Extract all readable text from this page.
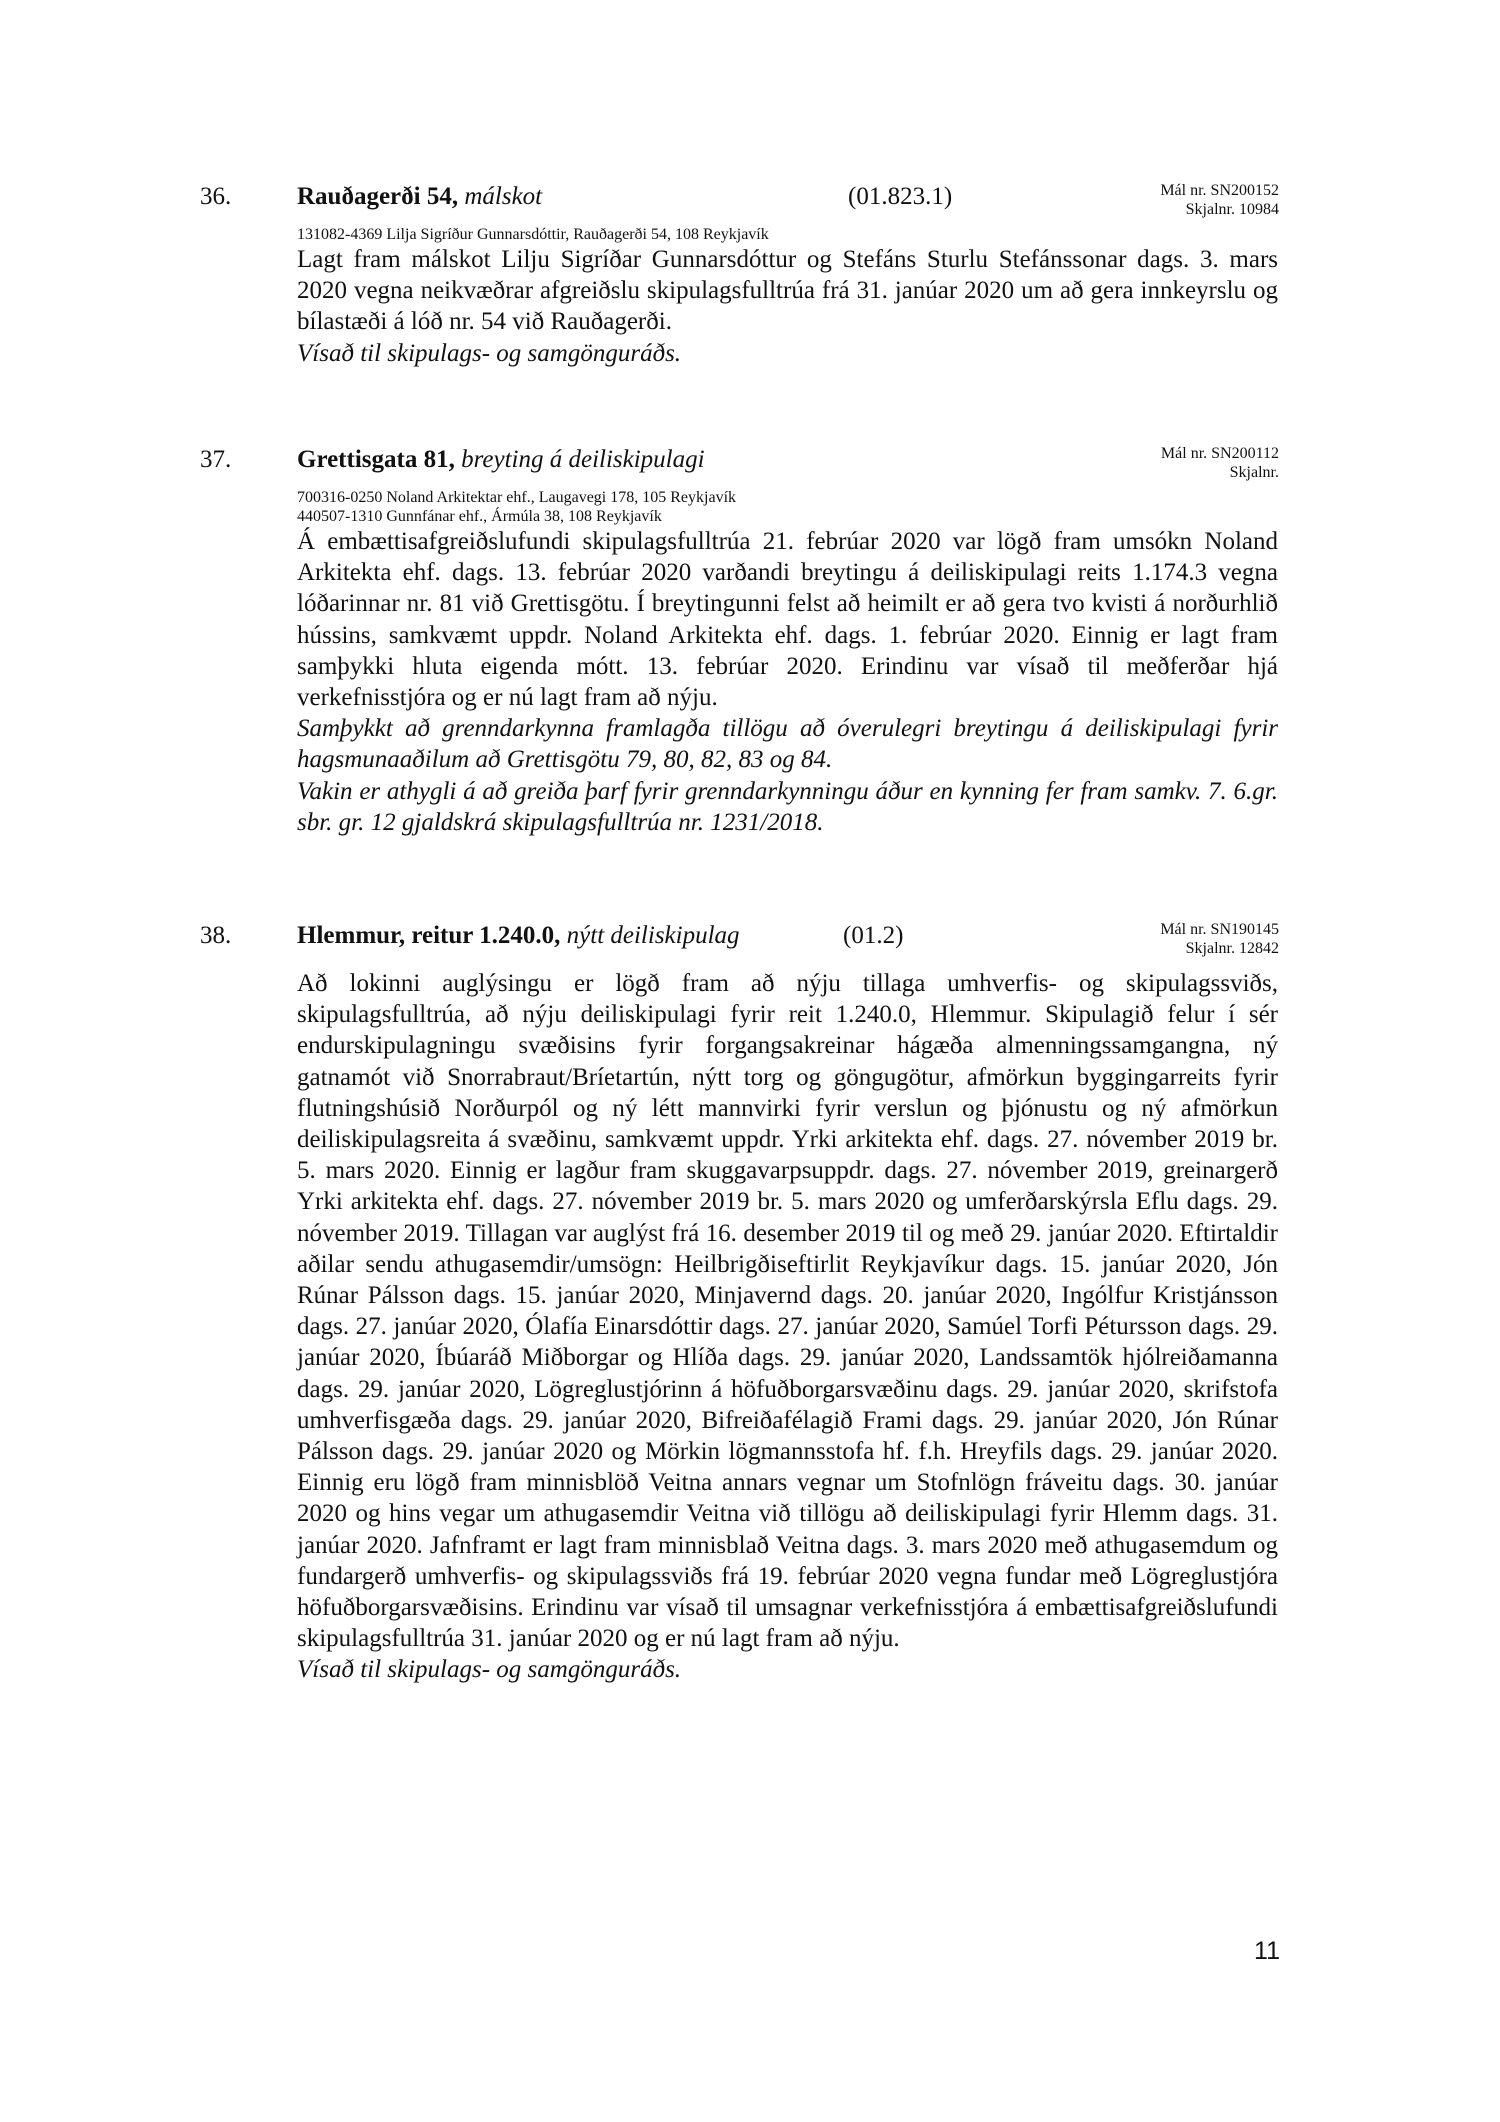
36.	Rauðagerði 54, málskot	(01.823.1)	Mál nr. SN200152
Skjalnr. 10984
131082-4369 Lilja Sigríður Gunnarsdóttir, Rauðagerði 54, 108 Reykjavík

Lagt fram málskot Lilju Sigríðar Gunnarsdóttur og Stefáns Sturlu Stefánssonar dags. 3. mars 2020 vegna neikvæðrar afgreiðslu skipulagsfulltrúa frá 31. janúar 2020 um að gera innkeyrslu og bílastæði á lóð nr. 54 við Rauðagerði.

Vísað til skipulags- og samgönguráðs.

37.	Grettisgata 81, breyting á deiliskipulagi	Mál nr. SN200112
Skjalnr.
700316-0250 Noland Arkitektar ehf., Laugavegi 178, 105 Reykjavík
440507-1310 Gunnfánar ehf., Ármúla 38, 108 Reykjavík

Á embættisafgreiðslufundi skipulagsfulltrúa 21. febrúar 2020 var lögð fram umsókn Noland Arkitekta ehf. dags. 13. febrúar 2020 varðandi breytingu á deiliskipulagi reits 1.174.3 vegna lóðarinnar nr. 81 við Grettisgötu. Í breytingunni felst að heimilt er að gera tvo kvisti á norðurhlið hússins, samkvæmt uppdr. Noland Arkitekta ehf. dags. 1. febrúar 2020. Einnig er lagt fram samþykki hluta eigenda mótt. 13. febrúar 2020. Erindinu var vísað til meðferðar hjá verkefnisstjóra og er nú lagt fram að nýju.

Samþykkt að grenndarkynna framlagða tillögu að óverulegri breytingu á deiliskipulagi fyrir hagsmunaaðilum að Grettisgötu 79, 80, 82, 83 og 84.

Vakin er athygli á að greiða þarf fyrir grenndarkynningu áður en kynning fer fram samkv. 7. 6.gr. sbr. gr. 12 gjaldskrá skipulagsfulltrúa nr. 1231/2018.

38.	Hlemmur, reitur 1.240.0, nýtt deiliskipulag	(01.2)	Mál nr. SN190145
Skjalnr. 12842

Að lokinni auglýsingu er lögð fram að nýju tillaga umhverfis- og skipulagssviðs, skipulagsfulltrúa, að nýju deiliskipulagi fyrir reit 1.240.0, Hlemmur. Skipulagið felur í sér endurskipulagningu svæðisins fyrir forgangsakreinar hágæða almenningssamgangna, ný gatnamót við Snorrabraut/Bríetartún, nýtt torg og göngugötur, afmörkun byggingarreits fyrir flutningshúsið Norðurpól og ný létt mannvirki fyrir verslun og þjónustu og ný afmörkun deiliskipulagsreita á svæðinu, samkvæmt uppdr. Yrki arkitekta ehf. dags. 27. nóvember 2019 br. 5. mars 2020. Einnig er lagður fram skuggavarpsuppdr. dags. 27. nóvember 2019, greinargerð Yrki arkitekta ehf. dags. 27. nóvember 2019 br. 5. mars 2020 og umferðarskýrsla Eflu dags. 29. nóvember 2019. Tillagan var auglýst frá 16. desember 2019 til og með 29. janúar 2020. Eftirtaldir aðilar sendu athugasemdir/umsögn: Heilbrigðiseftirlit Reykjavíkur dags. 15. janúar 2020, Jón Rúnar Pálsson dags. 15. janúar 2020, Minjavernd dags. 20. janúar 2020, Ingólfur Kristjánsson dags. 27. janúar 2020, Ólafía Einarsdóttir dags. 27. janúar 2020, Samúel Torfi Pétursson dags. 29. janúar 2020, Íbúaráð Miðborgar og Hlíða dags. 29. janúar 2020, Landssamtök hjólreiðamanna dags. 29. janúar 2020, Lögreglustjórinn á höfuðborgarsvæðinu dags. 29. janúar 2020, skrifstofa umhverfisgæða dags. 29. janúar 2020, Bifreiðafélagið Frami dags. 29. janúar 2020, Jón Rúnar Pálsson dags. 29. janúar 2020 og Mörkin lögmannsstofa hf. f.h. Hreyfils dags. 29. janúar 2020. Einnig eru lögð fram minnisblöð Veitna annars vegnar um Stofnlögn fráveitu dags. 30. janúar 2020 og hins vegar um athugasemdir Veitna við tillögu að deiliskipulagi fyrir Hlemm dags. 31. janúar 2020. Jafnframt er lagt fram minnisblað Veitna dags. 3. mars 2020 með athugasemdum og fundargerð umhverfis- og skipulagssviðs frá 19. febrúar 2020 vegna fundar með Lögreglustjóra höfuðborgarsvæðisins. Erindinu var vísað til umsagnar verkefnisstjóra á embættisafgreiðslufundi skipulagsfulltrúa 31. janúar 2020 og er nú lagt fram að nýju.

Vísað til skipulags- og samgönguráðs.

11
